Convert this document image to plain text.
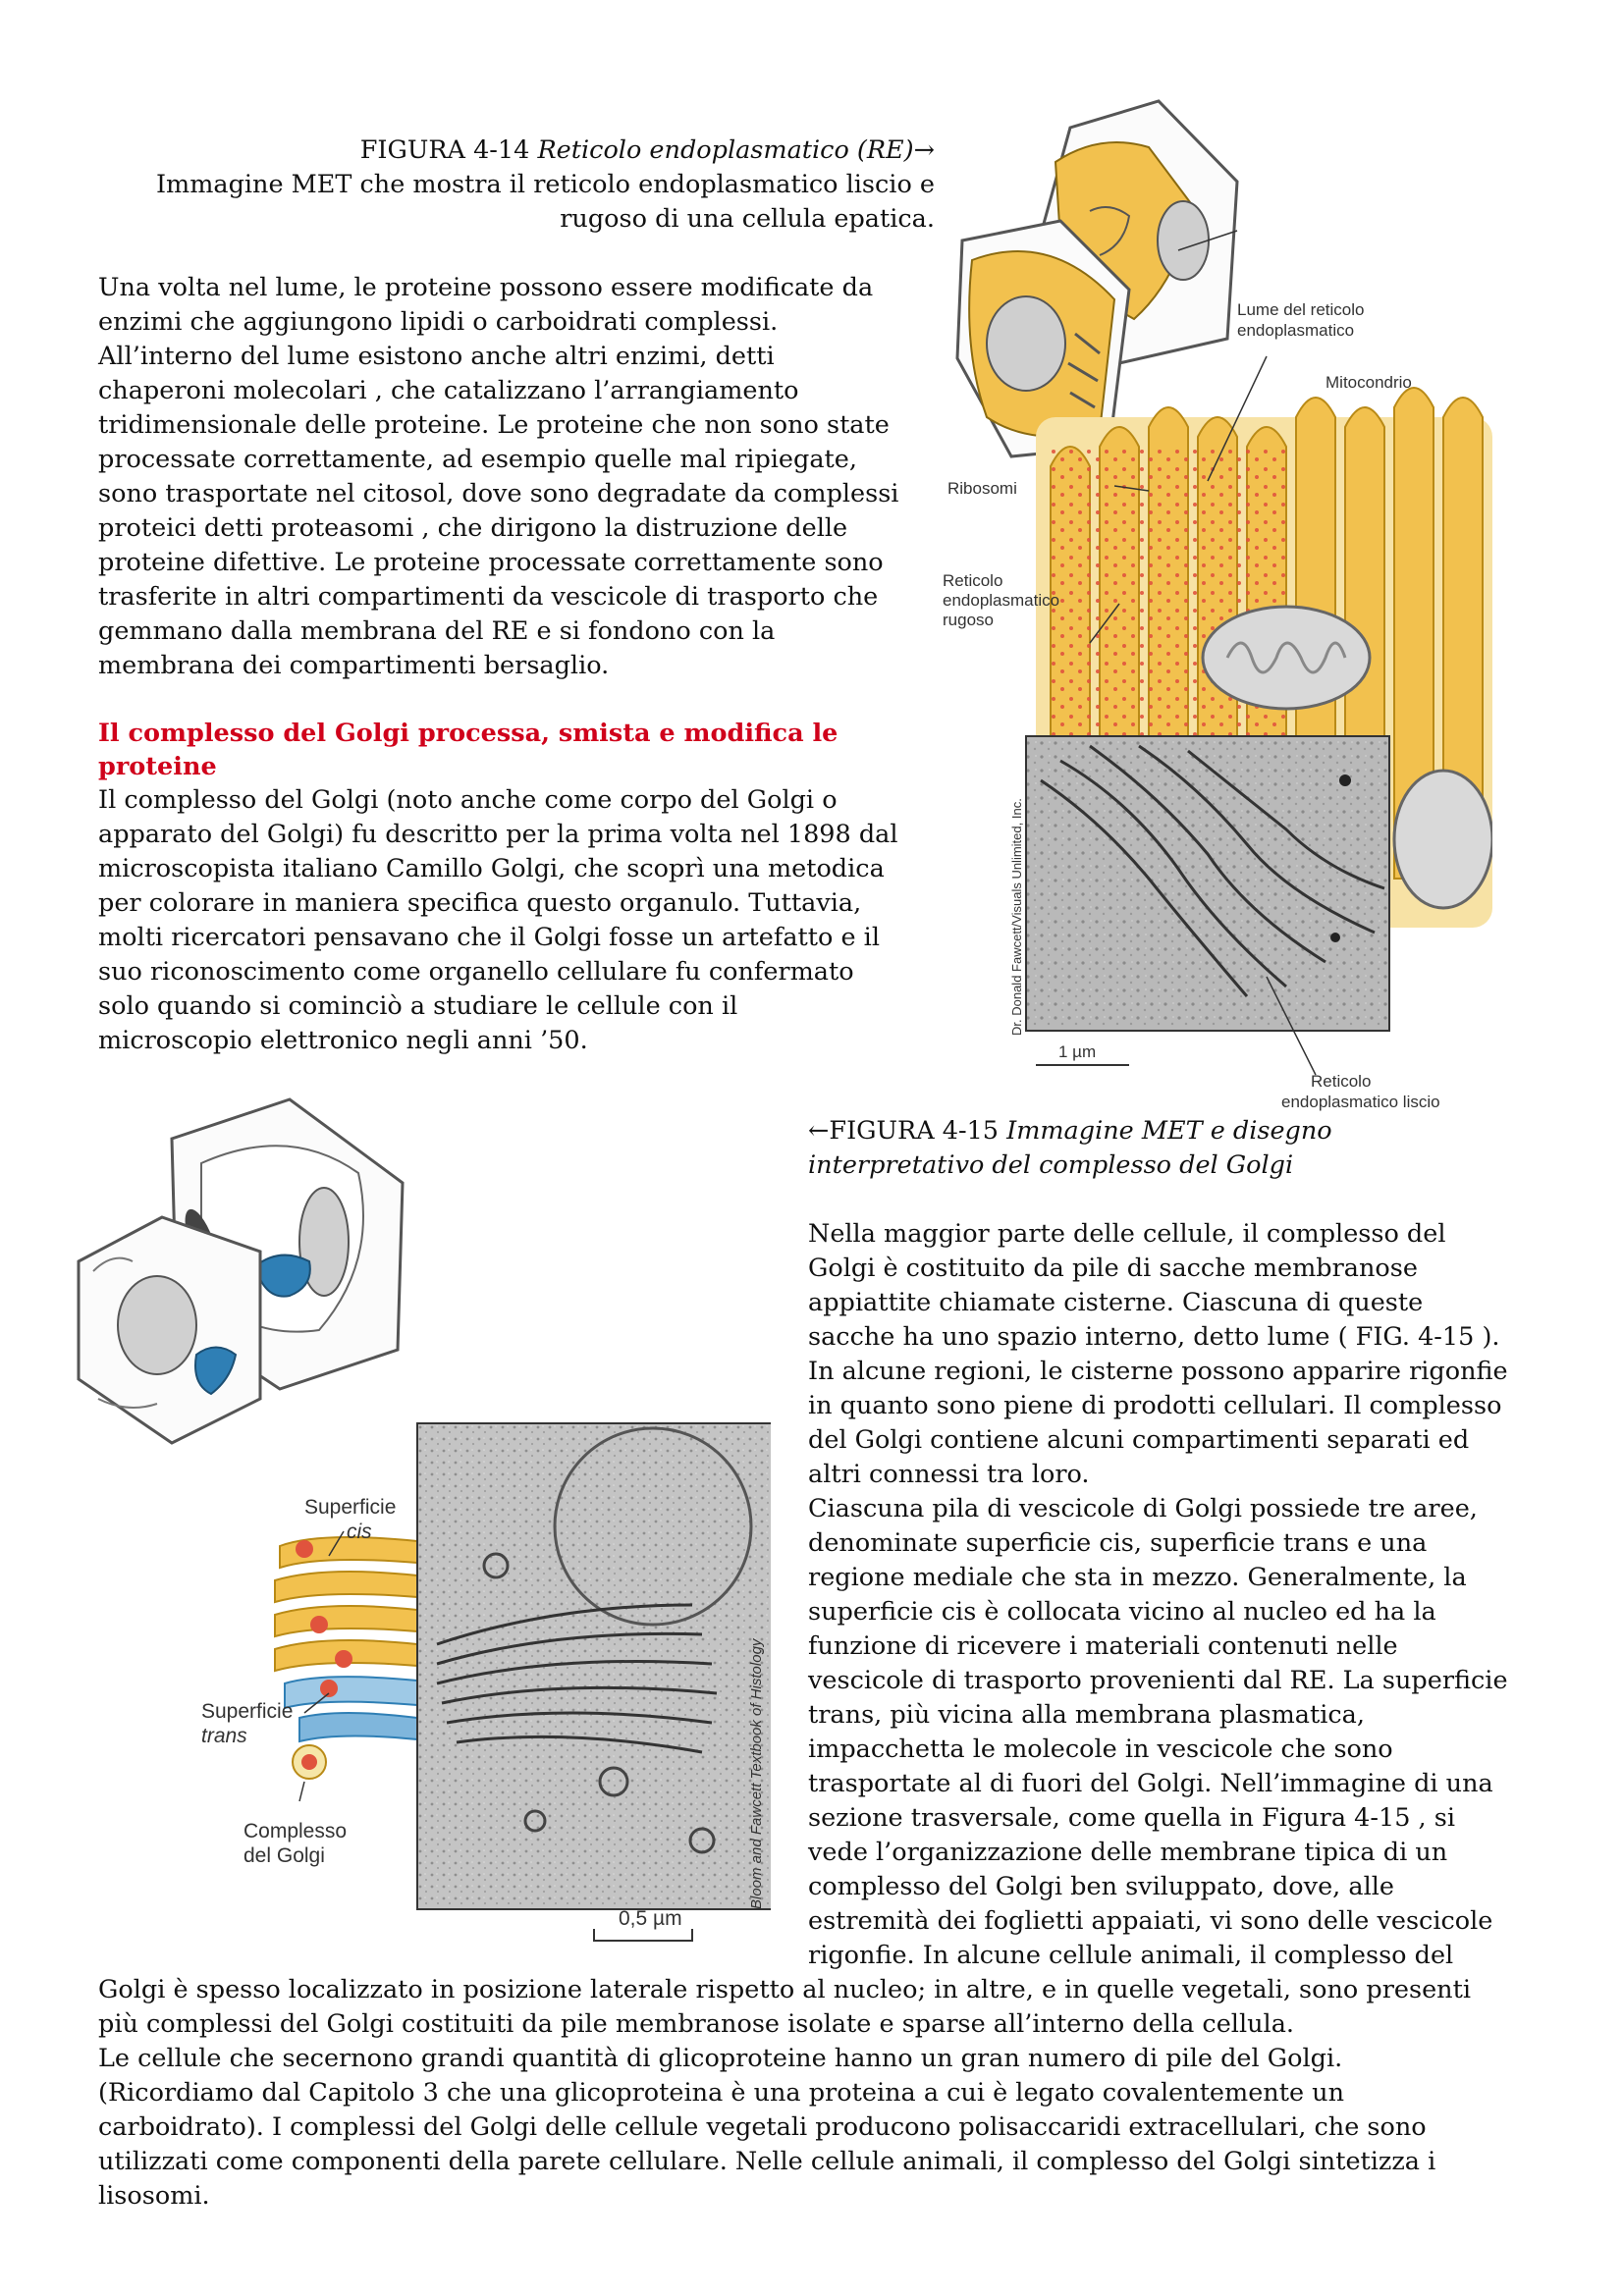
FIGURA 4-14 Reticolo endoplasmatico (RE)→
Immagine MET che mostra il reticolo endoplasmatico liscio e
rugoso di una cellula epatica.
Una volta nel lume, le proteine possono essere modificate da
enzimi che aggiungono lipidi o carboidrati complessi.
All’interno del lume esistono anche altri enzimi, detti
chaperoni molecolari , che catalizzano l’arrangiamento
tridimensionale delle proteine. Le proteine che non sono state
processate correttamente, ad esempio quelle mal ripiegate,
sono trasportate nel citosol, dove sono degradate da complessi
proteici detti proteasomi , che dirigono la distruzione delle
proteine difettive. Le proteine processate correttamente sono
trasferite in altri compartimenti da vescicole di trasporto che
gemmano dalla membrana del RE e si fondono con la
membrana dei compartimenti bersaglio.
Il complesso del Golgi processa, smista e modifica le
proteine
Il complesso del Golgi (noto anche come corpo del Golgi o
apparato del Golgi) fu descritto per la prima volta nel 1898 dal
microscopista italiano Camillo Golgi, che scoprì una metodica
per colorare in maniera specifica questo organulo. Tuttavia,
molti ricercatori pensavano che il Golgi fosse un artefatto e il
suo riconoscimento come organello cellulare fu confermato
solo quando si cominciò a studiare le cellule con il
microscopio elettronico negli anni ’50.
Lume del reticolo
endoplasmatico
Mitocondrio
Ribosomi
Reticolo
endoplasmatico
rugoso
Dr. Donald Fawcett/Visuals Unlimited, Inc.
1 µm
Reticolo
endoplasmatico liscio
←FIGURA 4-15 Immagine MET e disegno
interpretativo del complesso del Golgi
Nella maggior parte delle cellule, il complesso del
Golgi è costituito da pile di sacche membranose
appiattite chiamate cisterne. Ciascuna di queste
sacche ha uno spazio interno, detto lume ( FIG. 4-15 ).
In alcune regioni, le cisterne possono apparire rigonfie
in quanto sono piene di prodotti cellulari. Il complesso
del Golgi contiene alcuni compartimenti separati ed
altri connessi tra loro.
Ciascuna pila di vescicole di Golgi possiede tre aree,
denominate superficie cis, superficie trans e una
regione mediale che sta in mezzo. Generalmente, la
superficie cis è collocata vicino al nucleo ed ha la
funzione di ricevere i materiali contenuti nelle
vescicole di trasporto provenienti dal RE. La superficie
trans, più vicina alla membrana plasmatica,
impacchetta le molecole in vescicole che sono
trasportate al di fuori del Golgi. Nell’immagine di una
sezione trasversale, come quella in Figura 4-15 , si
vede l’organizzazione delle membrane tipica di un
complesso del Golgi ben sviluppato, dove, alle
estremità dei foglietti appaiati, vi sono delle vescicole
rigonfie. In alcune cellule animali, il complesso del
Superficie
cis
Superficie
trans
Complesso
del Golgi	Bloom and Fawcett Textbook of Histology
0,5 µm
Golgi è spesso localizzato in posizione laterale rispetto al nucleo; in altre, e in quelle vegetali, sono presenti
più complessi del Golgi costituiti da pile membranose isolate e sparse all’interno della cellula.
Le cellule che secernono grandi quantità di glicoproteine hanno un gran numero di pile del Golgi.
(Ricordiamo dal Capitolo 3 che una glicoproteina è una proteina a cui è legato covalentemente un
carboidrato). I complessi del Golgi delle cellule vegetali producono polisaccaridi extracellulari, che sono
utilizzati come componenti della parete cellulare. Nelle cellule animali, il complesso del Golgi sintetizza i
lisosomi.
